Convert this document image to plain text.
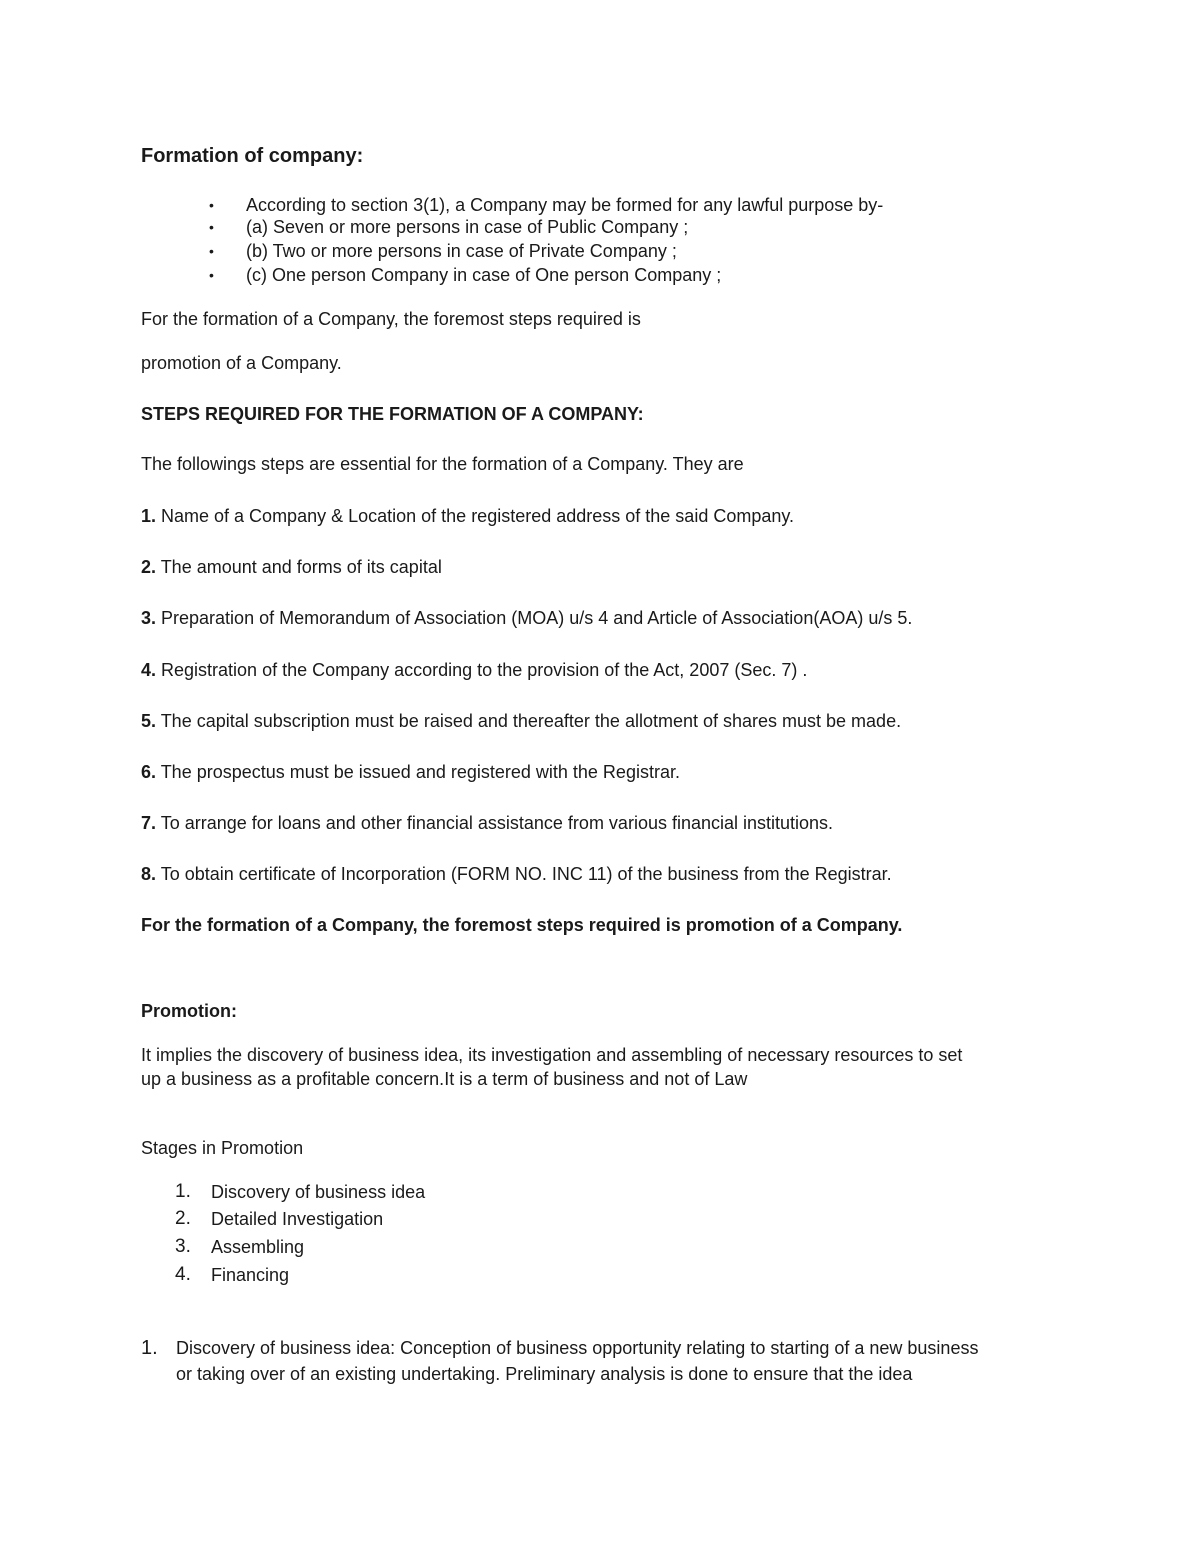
Formation of company:
• According to section 3(1), a Company may be formed for any lawful purpose by-
• (a) Seven or more persons in case of Public Company ;
• (b) Two or more persons in case of Private Company ;
• (c) One person Company in case of One person Company ;
For the formation of a Company, the foremost steps required is
promotion of a Company.
STEPS REQUIRED FOR THE FORMATION OF A COMPANY:
The followings steps are essential for the formation of a Company. They are
1. Name of a Company & Location of the registered address of the said Company.
2. The amount and forms of its capital
3. Preparation of Memorandum of Association (MOA) u/s 4 and Article of Association(AOA) u/s 5.
4. Registration of the Company according to the provision of the Act, 2007 (Sec. 7) .
5. The capital subscription must be raised and thereafter the allotment of shares must be made.
6. The prospectus must be issued and registered with the Registrar.
7. To arrange for loans and other financial assistance from various financial institutions.
8. To obtain certificate of Incorporation (FORM NO. INC 11) of the business from the Registrar.
For the formation of a Company, the foremost steps required is promotion of a Company.
Promotion:
It implies the discovery of business idea, its investigation and assembling of necessary resources to set
up a business as a profitable concern.It is a term of business and not of Law
Stages in Promotion
1. Discovery of business idea
2. Detailed Investigation
3. Assembling
4. Financing
1. Discovery of business idea: Conception of business opportunity relating to starting of a new business
or taking over of an existing undertaking. Preliminary analysis is done to ensure that the idea
